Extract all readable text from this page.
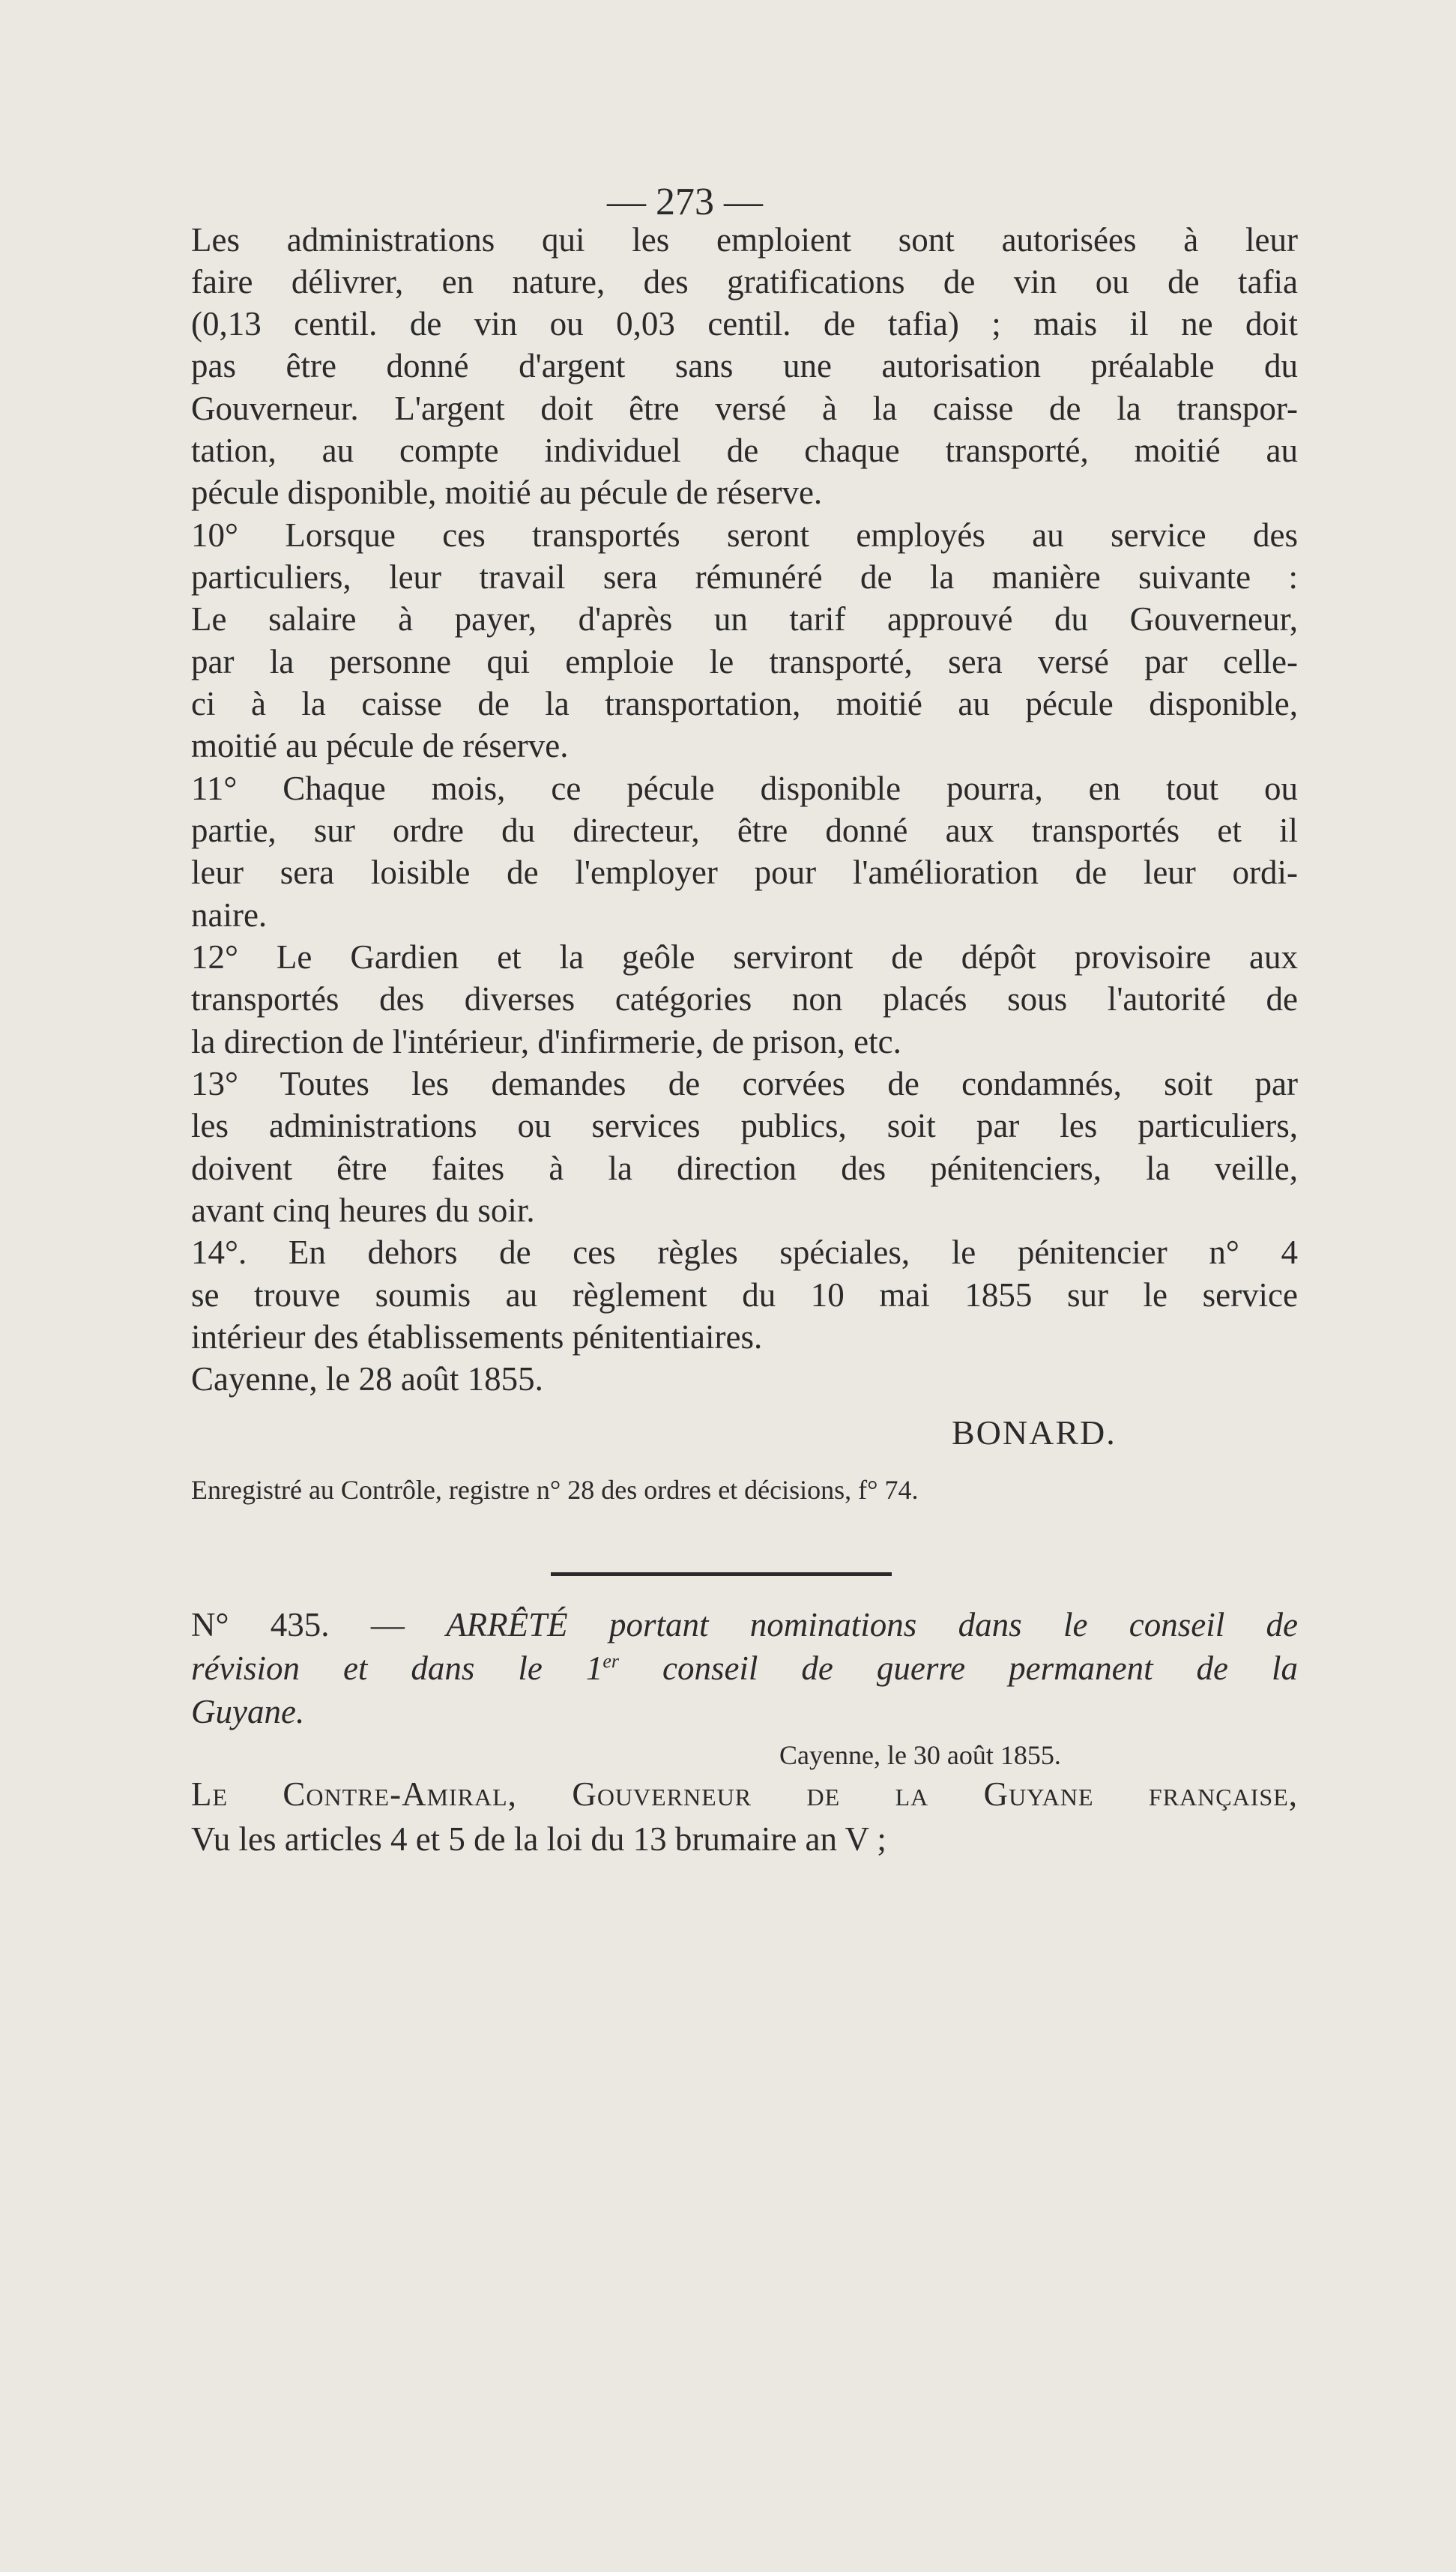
— 273 —
Les administrations qui les emploient sont autorisées à leur
faire délivrer, en nature, des gratifications de vin ou de tafia
(0,13 centil. de vin ou 0,03 centil. de tafia) ; mais il ne doit
pas être donné d'argent sans une autorisation préalable du
Gouverneur. L'argent doit être versé à la caisse de la transpor-
tation, au compte individuel de chaque transporté, moitié au
pécule disponible, moitié au pécule de réserve.
10° Lorsque ces transportés seront employés au service des
particuliers, leur travail sera rémunéré de la manière suivante :
Le salaire à payer, d'après un tarif approuvé du Gouverneur,
par la personne qui emploie le transporté, sera versé par celle-
ci à la caisse de la transportation, moitié au pécule disponible,
moitié au pécule de réserve.
11° Chaque mois, ce pécule disponible pourra, en tout ou
partie, sur ordre du directeur, être donné aux transportés et il
leur sera loisible de l'employer pour l'amélioration de leur ordi-
naire.
12° Le Gardien et la geôle serviront de dépôt provisoire aux
transportés des diverses catégories non placés sous l'autorité de
la direction de l'intérieur, d'infirmerie, de prison, etc.
13° Toutes les demandes de corvées de condamnés, soit par
les administrations ou services publics, soit par les particuliers,
doivent être faites à la direction des pénitenciers, la veille,
avant cinq heures du soir.
14°. En dehors de ces règles spéciales, le pénitencier n° 4
se trouve soumis au règlement du 10 mai 1855 sur le service
intérieur des établissements pénitentiaires.
Cayenne, le 28 août 1855.
BONARD.
Enregistré au Contrôle, registre n° 28 des ordres et décisions, f° 74.
N° 435. — ARRÊTÉ portant nominations dans le conseil de
révision et dans le 1er conseil de guerre permanent de la
Guyane.
Cayenne, le 30 août 1855.
Le Contre-Amiral, Gouverneur de la Guyane française,
Vu les articles 4 et 5 de la loi du 13 brumaire an V ;
